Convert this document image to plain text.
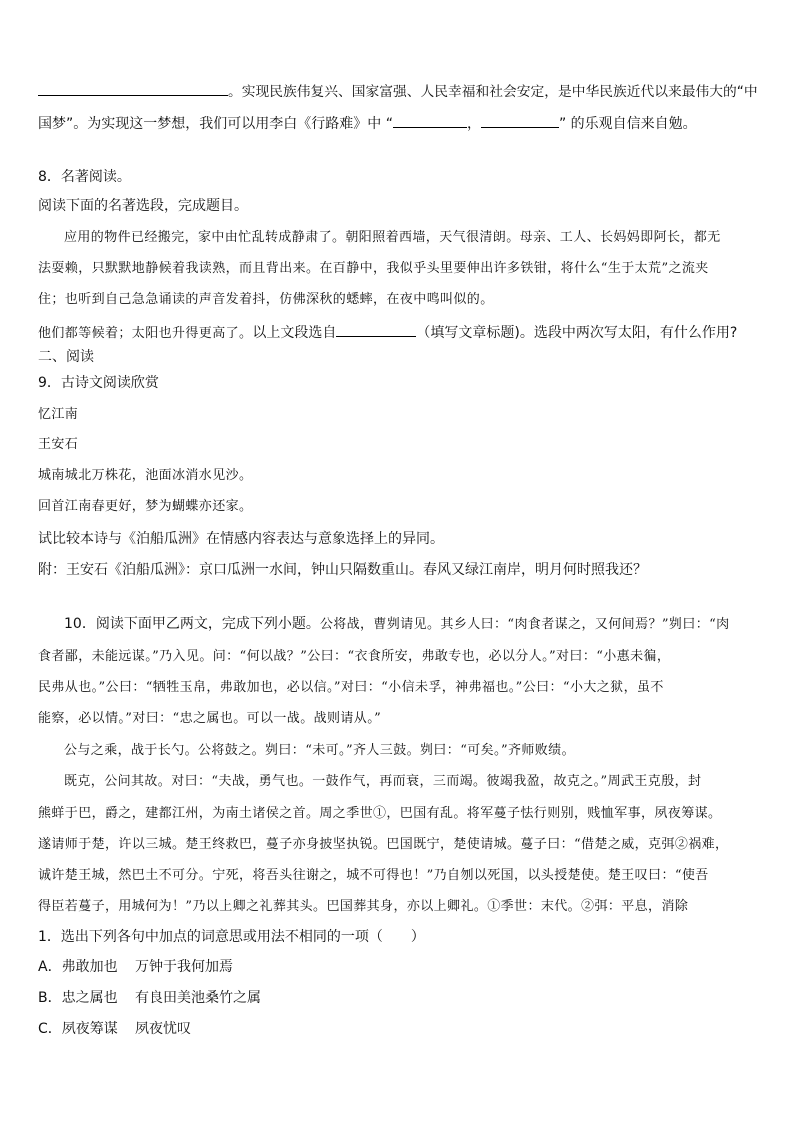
。实现民族伟复兴、国家富强、人民幸福和社会安定，是中华民族近代以来最伟大的“中
国梦”。为实现这一梦想，我们可以用李白《行路难》中 “	，	” 的乐观自信来自勉。
8．名著阅读。
阅读下面的名著选段，完成题目。
应用的物件已经搬完，家中由忙乱转成静肃了。朝阳照着西墙，天气很清朗。母亲、工人、长妈妈即阿长，都无
法耍赖，只默默地静候着我读熟，而且背出来。在百静中，我似乎头里要伸出许多铁钳，将什么“生于太荒”之流夹
住；也听到自己急急诵读的声音发着抖，仿佛深秋的蟋蟀，在夜中鸣叫似的。
他们都等候着；太阳也升得更高了。以上文段选自	（填写文章标题)。选段中两次写太阳，有什么作用?
二、阅读
9．古诗文阅读欣赏
忆江南
王安石
城南城北万株花，池面冰消水见沙。
回首江南春更好，梦为蝴蝶亦还家。
试比较本诗与《泊船瓜洲》在情感内容表达与意象选择上的异同。
附：王安石《泊船瓜洲》：京口瓜洲一水间，钟山只隔数重山。春风又绿江南岸，明月何时照我还？
10．阅读下面甲乙两文，完成下列小题。公将战，曹刿请见。其乡人曰：“肉食者谋之，又何间焉？”刿曰：“肉
食者鄙，未能远谋。”乃入见。问：“何以战？”公曰：“衣食所安，弗敢专也，必以分人。”对曰：“小惠未徧，
民弗从也。”公曰：“牺牲玉帛，弗敢加也，必以信。”对曰：“小信未孚，神弗福也。”公曰：“小大之狱，虽不
能察，必以情。”对曰：“忠之属也。可以一战。战则请从。”
公与之乘，战于长勺。公将鼓之。刿曰：“未可。”齐人三鼓。刿曰：“可矣。”齐师败绩。
既克，公问其故。对曰：“夫战，勇气也。一鼓作气，再而衰，三而竭。彼竭我盈，故克之。”周武王克殷，封
熊蛘于巴，爵之，建都江州，为南土诸侯之首。周之季世①，巴国有乱。将军蔓子怯行则别，贱恤军事，夙夜筹谋。
遂请师于楚，许以三城。楚王终救巴，蔓子亦身披坚执锐。巴国既宁，楚使请城。蔓子曰：“借楚之威，克弭②祸难，
诚许楚王城，然巴土不可分。宁死，将吾头往谢之，城不可得也！”乃自刎以死国，以头授楚使。楚王叹曰：“使吾
得臣若蔓子，用城何为！”乃以上卿之礼葬其头。巴国葬其身，亦以上卿礼。①季世：末代。②弭：平息，消除
1．选出下列各句中加点的词意思或用法不相同的一项（　　）
A．弗敢加也 万钟于我何加焉
B．忠之属也 有良田美池桑竹之属
C．夙夜筹谋 夙夜忧叹
